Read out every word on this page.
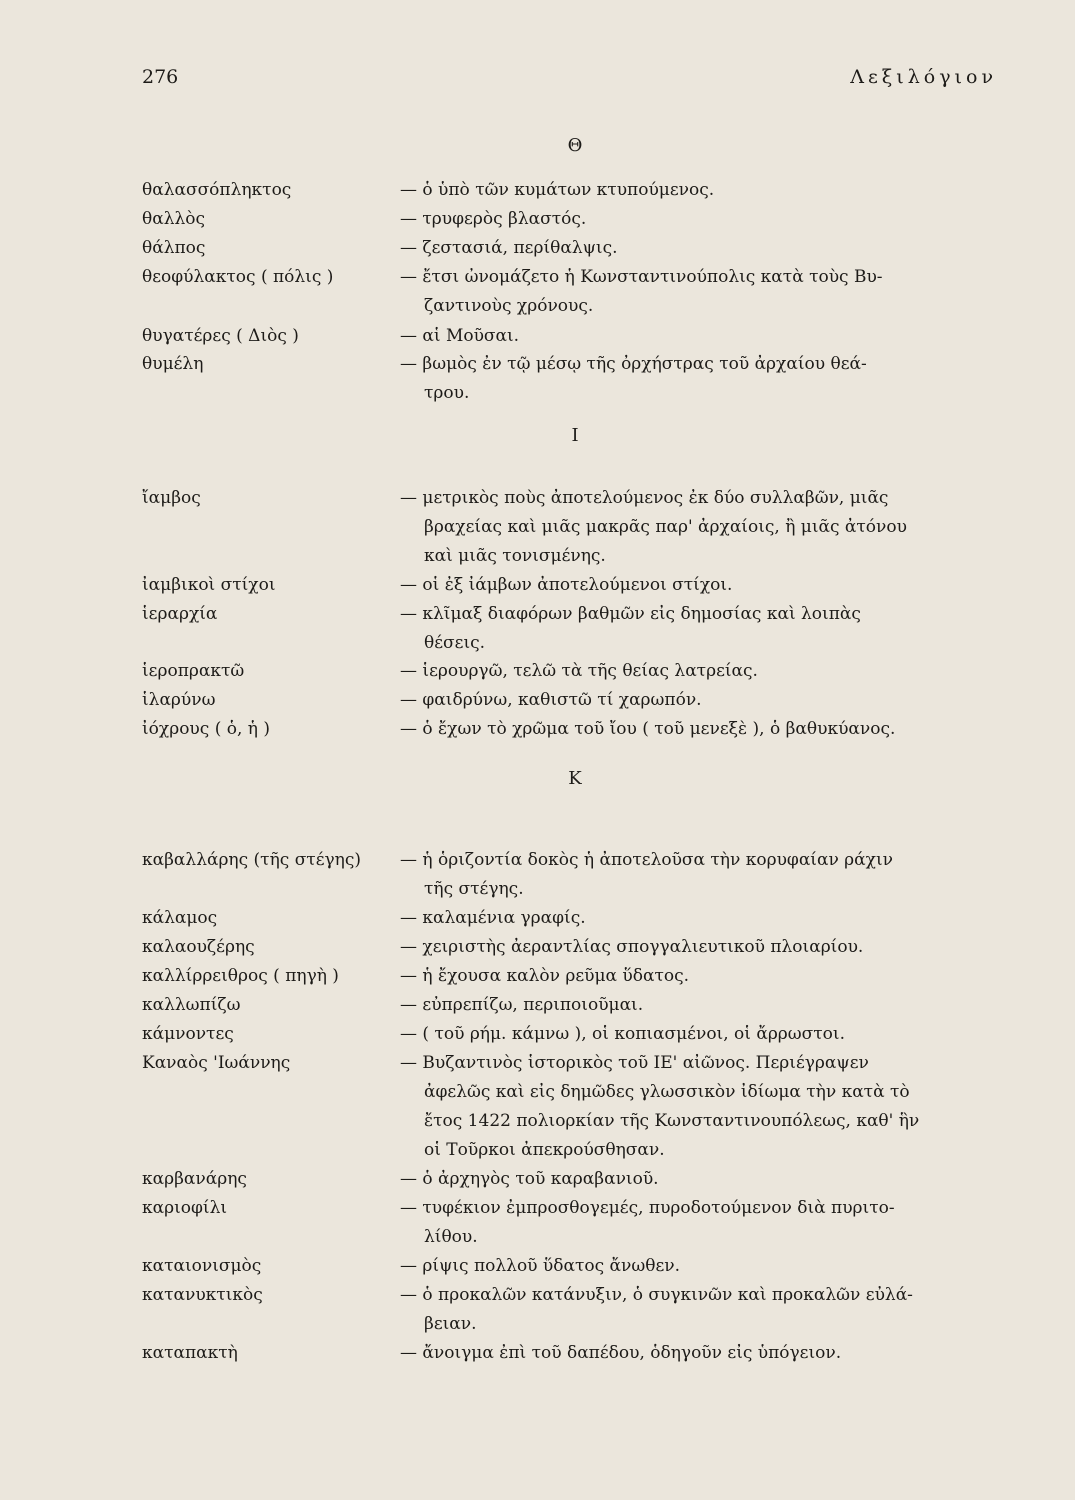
276	Λεξιλόγιον
Θ
θαλασσόπληκτος	— ὁ ὑπὸ τῶν κυμάτων κτυπούμενος.
θαλλὸς	— τρυφερὸς βλαστός.
θάλπος	— ζεστασιά, περίθαλψις.
θεοφύλακτος ( πόλις )	— ἔτσι ὠνομάζετο ἡ Κωνσταντινούπολις κατὰ τοὺς Βυ-
ζαντινοὺς χρόνους.
θυγατέρες ( Διὸς )	— αἱ Μοῦσαι.
θυμέλη	— βωμὸς ἐν τῷ μέσῳ τῆς ὀρχήστρας τοῦ ἀρχαίου θεά-
τρου.
Ι
ἴαμβος	— μετρικὸς ποὺς ἀποτελούμενος ἐκ δύο συλλαβῶν, μιᾶς
βραχείας καὶ μιᾶς μακρᾶς παρ' ἀρχαίοις, ἢ μιᾶς ἀτόνου
καὶ μιᾶς τονισμένης.
ἰαμβικοὶ στίχοι	— οἱ ἐξ ἰάμβων ἀποτελούμενοι στίχοι.
ἱεραρχία	— κλῖμαξ διαφόρων βαθμῶν εἰς δημοσίας καὶ λοιπὰς
θέσεις.
ἱεροπρακτῶ	— ἱερουργῶ, τελῶ τὰ τῆς θείας λατρείας.
ἱλαρύνω	— φαιδρύνω, καθιστῶ τί χαρωπόν.
ἰόχρους ( ὁ, ἡ )	— ὁ ἔχων τὸ χρῶμα τοῦ ἴου ( τοῦ μενεξὲ ), ὁ βαθυκύανος.
Κ
καβαλλάρης (τῆς στέγης)	— ἡ ὁριζοντία δοκὸς ἡ ἀποτελοῦσα τὴν κορυφαίαν ράχιν
τῆς στέγης.
κάλαμος	— καλαμένια γραφίς.
καλαουζέρης	— χειριστὴς ἀεραντλίας σπογγαλιευτικοῦ πλοιαρίου.
καλλίρρειθρος ( πηγὴ )	— ἡ ἔχουσα καλὸν ρεῦμα ὕδατος.
καλλωπίζω	— εὐπρεπίζω, περιποιοῦμαι.
κάμνοντες	— ( τοῦ ρήμ. κάμνω ), οἱ κοπιασμένοι, οἱ ἄρρωστοι.
Καναὸς 'Ιωάννης	— Βυζαντινὸς ἱστορικὸς τοῦ ΙΕ' αἰῶνος. Περιέγραψεν
ἀφελῶς καὶ εἰς δημῶδες γλωσσικὸν ἰδίωμα τὴν κατὰ τὸ
ἔτος 1422 πολιορκίαν τῆς Κωνσταντινουπόλεως, καθ' ἣν
οἱ Τοῦρκοι ἀπεκρούσθησαν.
καρβανάρης	— ὁ ἀρχηγὸς τοῦ καραβανιοῦ.
καριοφίλι	— τυφέκιον ἐμπροσθογεμές, πυροδοτούμενον διὰ πυριτο-
λίθου.
καταιονισμὸς	— ρίψις πολλοῦ ὕδατος ἄνωθεν.
κατανυκτικὸς	— ὁ προκαλῶν κατάνυξιν, ὁ συγκινῶν καὶ προκαλῶν εὐλά-
βειαν.
καταπακτὴ	— ἄνοιγμα ἐπὶ τοῦ δαπέδου, ὁδηγοῦν εἰς ὑπόγειον.
